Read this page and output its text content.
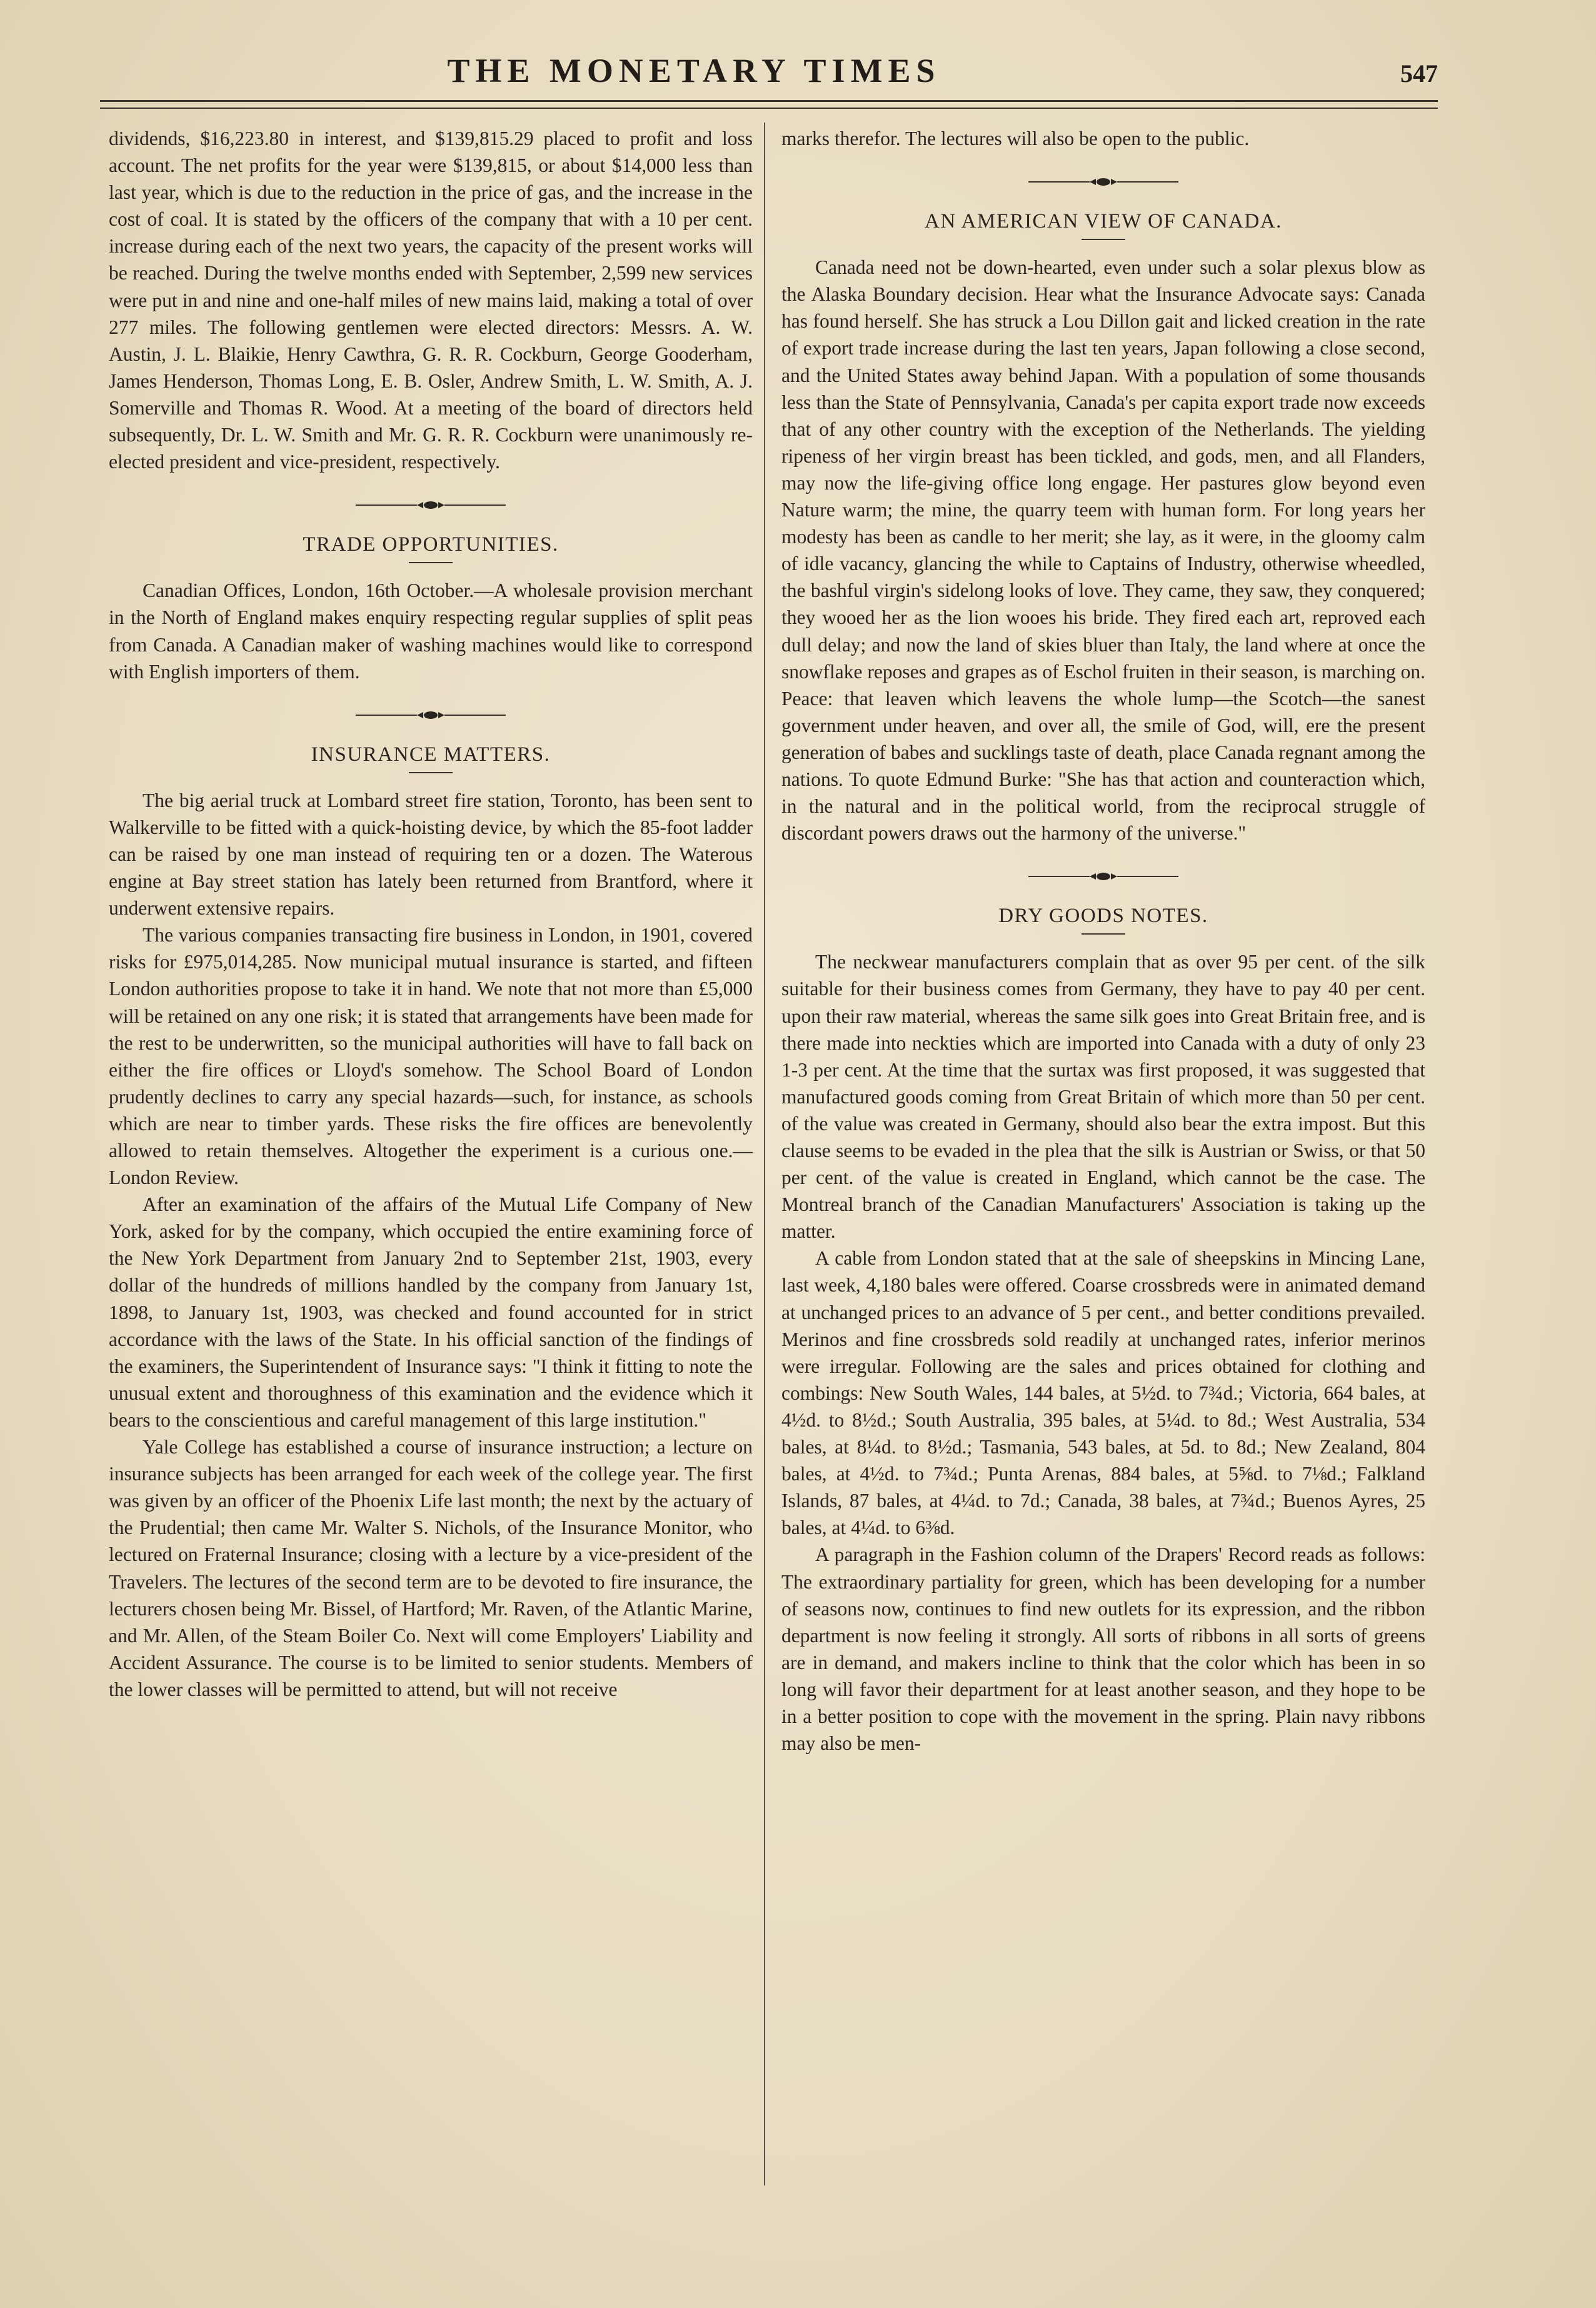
THE MONETARY TIMES	547

dividends, $16,223.80 in interest, and $139,815.29 placed to profit and loss account. The net profits for the year were $139,815, or about $14,000 less than last year, which is due to the reduction in the price of gas, and the increase in the cost of coal. It is stated by the officers of the company that with a 10 per cent. increase during each of the next two years, the capacity of the present works will be reached. During the twelve months ended with September, 2,599 new services were put in and nine and one-half miles of new mains laid, making a total of over 277 miles. The following gentlemen were elected directors: Messrs. A. W. Austin, J. L. Blaikie, Henry Cawthra, G. R. R. Cockburn, George Gooderham, James Henderson, Thomas Long, E. B. Osler, Andrew Smith, L. W. Smith, A. J. Somerville and Thomas R. Wood. At a meeting of the board of directors held subsequently, Dr. L. W. Smith and Mr. G. R. R. Cockburn were unanimously re-elected president and vice-president, respectively.

TRADE OPPORTUNITIES.

Canadian Offices, London, 16th October.—A wholesale provision merchant in the North of England makes enquiry respecting regular supplies of split peas from Canada. A Canadian maker of washing machines would like to correspond with English importers of them.

INSURANCE MATTERS.

The big aerial truck at Lombard street fire station, Toronto, has been sent to Walkerville to be fitted with a quick-hoisting device, by which the 85-foot ladder can be raised by one man instead of requiring ten or a dozen. The Waterous engine at Bay street station has lately been returned from Brantford, where it underwent extensive repairs.

The various companies transacting fire business in London, in 1901, covered risks for £975,014,285. Now municipal mutual insurance is started, and fifteen London authorities propose to take it in hand. We note that not more than £5,000 will be retained on any one risk; it is stated that arrangements have been made for the rest to be underwritten, so the municipal authorities will have to fall back on either the fire offices or Lloyd's somehow. The School Board of London prudently declines to carry any special hazards—such, for instance, as schools which are near to timber yards. These risks the fire offices are benevolently allowed to retain themselves. Altogether the experiment is a curious one.—London Review.

After an examination of the affairs of the Mutual Life Company of New York, asked for by the company, which occupied the entire examining force of the New York Department from January 2nd to September 21st, 1903, every dollar of the hundreds of millions handled by the company from January 1st, 1898, to January 1st, 1903, was checked and found accounted for in strict accordance with the laws of the State. In his official sanction of the findings of the examiners, the Superintendent of Insurance says: "I think it fitting to note the unusual extent and thoroughness of this examination and the evidence which it bears to the conscientious and careful management of this large institution."

Yale College has established a course of insurance instruction; a lecture on insurance subjects has been arranged for each week of the college year. The first was given by an officer of the Phoenix Life last month; the next by the actuary of the Prudential; then came Mr. Walter S. Nichols, of the Insurance Monitor, who lectured on Fraternal Insurance; closing with a lecture by a vice-president of the Travelers. The lectures of the second term are to be devoted to fire insurance, the lecturers chosen being Mr. Bissel, of Hartford; Mr. Raven, of the Atlantic Marine, and Mr. Allen, of the Steam Boiler Co. Next will come Employers' Liability and Accident Assurance. The course is to be limited to senior students. Members of the lower classes will be permitted to attend, but will not receive

marks therefor. The lectures will also be open to the public.

AN AMERICAN VIEW OF CANADA.

Canada need not be down-hearted, even under such a solar plexus blow as the Alaska Boundary decision. Hear what the Insurance Advocate says: Canada has found herself. She has struck a Lou Dillon gait and licked creation in the rate of export trade increase during the last ten years, Japan following a close second, and the United States away behind Japan. With a population of some thousands less than the State of Pennsylvania, Canada's per capita export trade now exceeds that of any other country with the exception of the Netherlands. The yielding ripeness of her virgin breast has been tickled, and gods, men, and all Flanders, may now the life-giving office long engage. Her pastures glow beyond even Nature warm; the mine, the quarry teem with human form. For long years her modesty has been as candle to her merit; she lay, as it were, in the gloomy calm of idle vacancy, glancing the while to Captains of Industry, otherwise wheedled, the bashful virgin's sidelong looks of love. They came, they saw, they conquered; they wooed her as the lion wooes his bride. They fired each art, reproved each dull delay; and now the land of skies bluer than Italy, the land where at once the snowflake reposes and grapes as of Eschol fruiten in their season, is marching on. Peace: that leaven which leavens the whole lump—the Scotch—the sanest government under heaven, and over all, the smile of God, will, ere the present generation of babes and sucklings taste of death, place Canada regnant among the nations. To quote Edmund Burke: "She has that action and counteraction which, in the natural and in the political world, from the reciprocal struggle of discordant powers draws out the harmony of the universe."

DRY GOODS NOTES.

The neckwear manufacturers complain that as over 95 per cent. of the silk suitable for their business comes from Germany, they have to pay 40 per cent. upon their raw material, whereas the same silk goes into Great Britain free, and is there made into neckties which are imported into Canada with a duty of only 23 1-3 per cent. At the time that the surtax was first proposed, it was suggested that manufactured goods coming from Great Britain of which more than 50 per cent. of the value was created in Germany, should also bear the extra impost. But this clause seems to be evaded in the plea that the silk is Austrian or Swiss, or that 50 per cent. of the value is created in England, which cannot be the case. The Montreal branch of the Canadian Manufacturers' Association is taking up the matter.

A cable from London stated that at the sale of sheepskins in Mincing Lane, last week, 4,180 bales were offered. Coarse crossbreds were in animated demand at unchanged prices to an advance of 5 per cent., and better conditions prevailed. Merinos and fine crossbreds sold readily at unchanged rates, inferior merinos were irregular. Following are the sales and prices obtained for clothing and combings: New South Wales, 144 bales, at 5½d. to 7¾d.; Victoria, 664 bales, at 4½d. to 8½d.; South Australia, 395 bales, at 5¼d. to 8d.; West Australia, 534 bales, at 8¼d. to 8½d.; Tasmania, 543 bales, at 5d. to 8d.; New Zealand, 804 bales, at 4½d. to 7¾d.; Punta Arenas, 884 bales, at 5⅝d. to 7⅛d.; Falkland Islands, 87 bales, at 4¼d. to 7d.; Canada, 38 bales, at 7¾d.; Buenos Ayres, 25 bales, at 4¼d. to 6⅜d.

A paragraph in the Fashion column of the Drapers' Record reads as follows: The extraordinary partiality for green, which has been developing for a number of seasons now, continues to find new outlets for its expression, and the ribbon department is now feeling it strongly. All sorts of ribbons in all sorts of greens are in demand, and makers incline to think that the color which has been in so long will favor their department for at least another season, and they hope to be in a better position to cope with the movement in the spring. Plain navy ribbons may also be men-
